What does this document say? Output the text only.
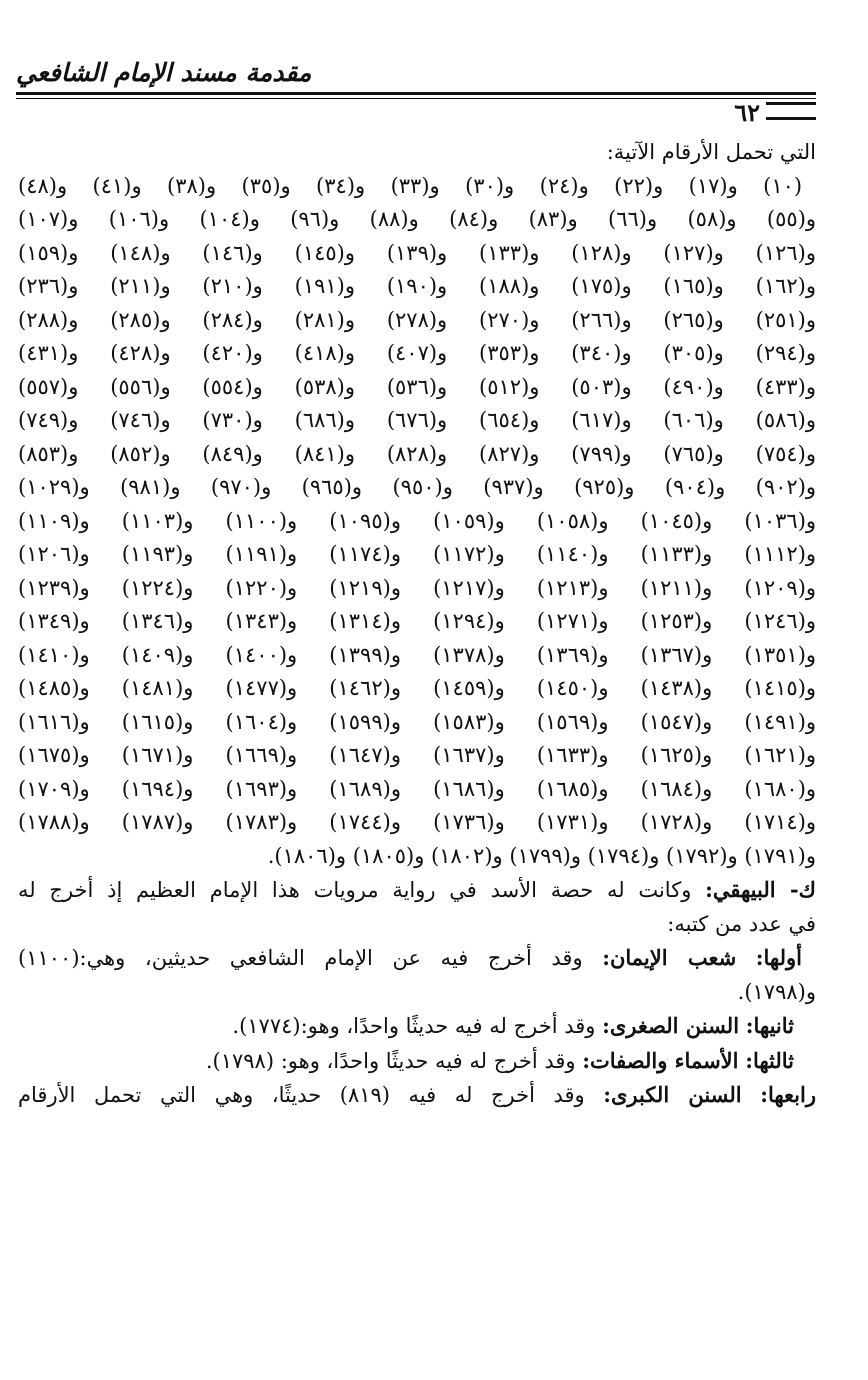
مقدمة مسند الإمام الشافعي
٦٢
التي تحمل الأرقام الآتية:
(١٠) و(١٧) و(٢٢) و(٢٤) و(٣٠) و(٣٣) و(٣٤) و(٣٥) و(٣٨) و(٤١) و(٤٨)
و(٥٥) و(٥٨) و(٦٦) و(٨٣) و(٨٤) و(٨٨) و(٩٦) و(١٠٤) و(١٠٦) و(١٠٧)
و(١٢٦) و(١٢٧) و(١٢٨) و(١٣٣) و(١٣٩) و(١٤٥) و(١٤٦) و(١٤٨) و(١٥٩)
و(١٦٢) و(١٦٥) و(١٧٥) و(١٨٨) و(١٩٠) و(١٩١) و(٢١٠) و(٢١١) و(٢٣٦)
و(٢٥١) و(٢٦٥) و(٢٦٦) و(٢٧٠) و(٢٧٨) و(٢٨١) و(٢٨٤) و(٢٨٥) و(٢٨٨)
و(٢٩٤) و(٣٠٥) و(٣٤٠) و(٣٥٣) و(٤٠٧) و(٤١٨) و(٤٢٠) و(٤٢٨) و(٤٣١)
و(٤٣٣) و(٤٩٠) و(٥٠٣) و(٥١٢) و(٥٣٦) و(٥٣٨) و(٥٥٤) و(٥٥٦) و(٥٥٧)
و(٥٨٦) و(٦٠٦) و(٦١٧) و(٦٥٤) و(٦٧٦) و(٦٨٦) و(٧٣٠) و(٧٤٦) و(٧٤٩)
و(٧٥٤) و(٧٦٥) و(٧٩٩) و(٨٢٧) و(٨٢٨) و(٨٤١) و(٨٤٩) و(٨٥٢) و(٨٥٣)
و(٩٠٢) و(٩٠٤) و(٩٢٥) و(٩٣٧) و(٩٥٠) و(٩٦٥) و(٩٧٠) و(٩٨١) و(١٠٢٩)
و(١٠٣٦) و(١٠٤٥) و(١٠٥٨) و(١٠٥٩) و(١٠٩٥) و(١١٠٠) و(١١٠٣) و(١١٠٩)
و(١١١٢) و(١١٣٣) و(١١٤٠) و(١١٧٢) و(١١٧٤) و(١١٩١) و(١١٩٣) و(١٢٠٦)
و(١٢٠٩) و(١٢١١) و(١٢١٣) و(١٢١٧) و(١٢١٩) و(١٢٢٠) و(١٢٢٤) و(١٢٣٩)
و(١٢٤٦) و(١٢٥٣) و(١٢٧١) و(١٢٩٤) و(١٣١٤) و(١٣٤٣) و(١٣٤٦) و(١٣٤٩)
و(١٣٥١) و(١٣٦٧) و(١٣٦٩) و(١٣٧٨) و(١٣٩٩) و(١٤٠٠) و(١٤٠٩) و(١٤١٠)
و(١٤١٥) و(١٤٣٨) و(١٤٥٠) و(١٤٥٩) و(١٤٦٢) و(١٤٧٧) و(١٤٨١) و(١٤٨٥)
و(١٤٩١) و(١٥٤٧) و(١٥٦٩) و(١٥٨٣) و(١٥٩٩) و(١٦٠٤) و(١٦١٥) و(١٦١٦)
و(١٦٢١) و(١٦٢٥) و(١٦٣٣) و(١٦٣٧) و(١٦٤٧) و(١٦٦٩) و(١٦٧١) و(١٦٧٥)
و(١٦٨٠) و(١٦٨٤) و(١٦٨٥) و(١٦٨٦) و(١٦٨٩) و(١٦٩٣) و(١٦٩٤) و(١٧٠٩)
و(١٧١٤) و(١٧٢٨) و(١٧٣١) و(١٧٣٦) و(١٧٤٤) و(١٧٨٣) و(١٧٨٧) و(١٧٨٨)
و(١٧٩١) و(١٧٩٢) و(١٧٩٤) و(١٧٩٩) و(١٨٠٢) و(١٨٠٥) و(١٨٠٦).
ك- البيهقي: وكانت له حصة الأسد في رواية مرويات هذا الإمام العظيم إذ أخرج له
في عدد من كتبه:
أولها: شعب الإيمان: وقد أخرج فيه عن الإمام الشافعي حديثين، وهي:(١١٠٠)
و(١٧٩٨).
ثانيها: السنن الصغرى: وقد أخرج له فيه حديثًا واحدًا، وهو:(١٧٧٤).
ثالثها: الأسماء والصفات: وقد أخرج له فيه حديثًا واحدًا، وهو: (١٧٩٨).
رابعها: السنن الكبرى: وقد أخرج له فيه (٨١٩) حديثًا، وهي التي تحمل الأرقام
